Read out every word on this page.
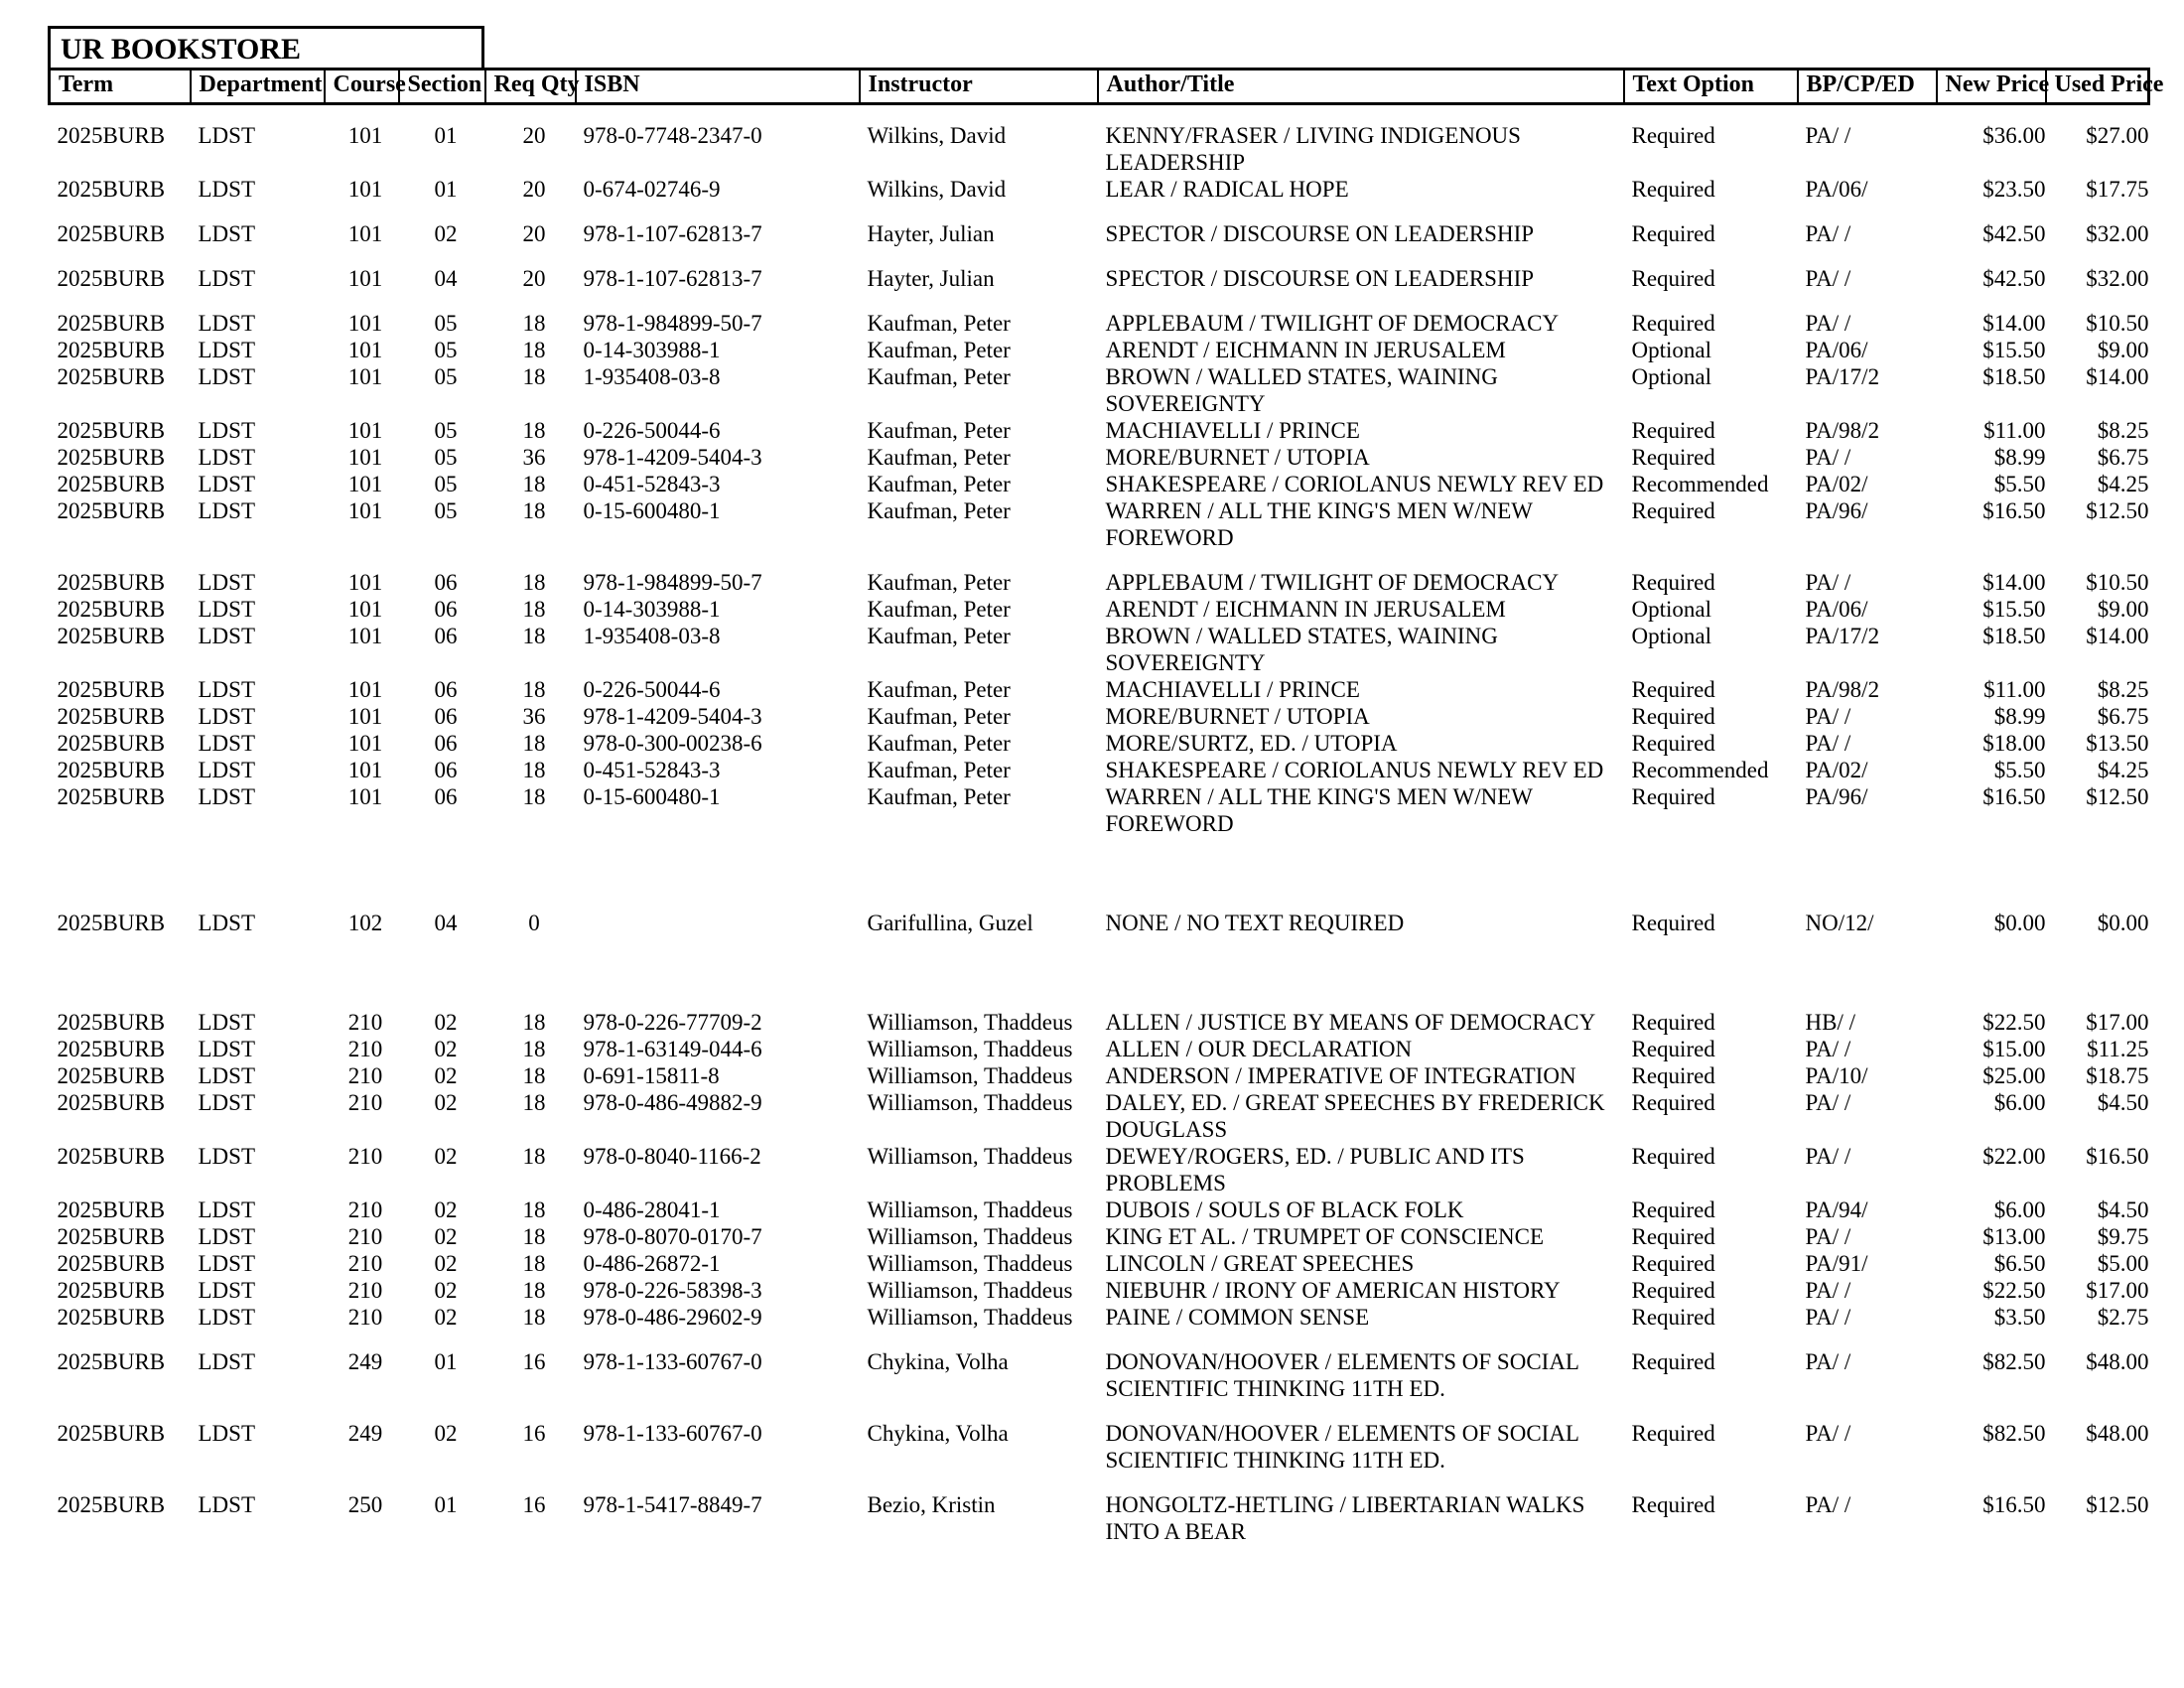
UR BOOKSTORE
Term	Department	Course	Section	Req Qty	ISBN	Instructor	Author/Title	Text Option	BP/CP/ED	New Price	Used Price

2025BURB	LDST	101	01	20	978-0-7748-2347-0	Wilkins, David	KENNY/FRASER / LIVING INDIGENOUS LEADERSHIP	Required	PA/ /	$36.00	$27.00
2025BURB	LDST	101	01	20	0-674-02746-9	Wilkins, David	LEAR / RADICAL HOPE	Required	PA/06/	$23.50	$17.75

2025BURB	LDST	101	02	20	978-1-107-62813-7	Hayter, Julian	SPECTOR / DISCOURSE ON LEADERSHIP	Required	PA/ /	$42.50	$32.00

2025BURB	LDST	101	04	20	978-1-107-62813-7	Hayter, Julian	SPECTOR / DISCOURSE ON LEADERSHIP	Required	PA/ /	$42.50	$32.00

2025BURB	LDST	101	05	18	978-1-984899-50-7	Kaufman, Peter	APPLEBAUM / TWILIGHT OF DEMOCRACY	Required	PA/ /	$14.00	$10.50
2025BURB	LDST	101	05	18	0-14-303988-1	Kaufman, Peter	ARENDT / EICHMANN IN JERUSALEM	Optional	PA/06/	$15.50	$9.00
2025BURB	LDST	101	05	18	1-935408-03-8	Kaufman, Peter	BROWN / WALLED STATES, WAINING SOVEREIGNTY	Optional	PA/17/2	$18.50	$14.00
2025BURB	LDST	101	05	18	0-226-50044-6	Kaufman, Peter	MACHIAVELLI / PRINCE	Required	PA/98/2	$11.00	$8.25
2025BURB	LDST	101	05	36	978-1-4209-5404-3	Kaufman, Peter	MORE/BURNET / UTOPIA	Required	PA/ /	$8.99	$6.75
2025BURB	LDST	101	05	18	0-451-52843-3	Kaufman, Peter	SHAKESPEARE / CORIOLANUS NEWLY REV ED	Recommended	PA/02/	$5.50	$4.25
2025BURB	LDST	101	05	18	0-15-600480-1	Kaufman, Peter	WARREN / ALL THE KING'S MEN W/NEW FOREWORD	Required	PA/96/	$16.50	$12.50

2025BURB	LDST	101	06	18	978-1-984899-50-7	Kaufman, Peter	APPLEBAUM / TWILIGHT OF DEMOCRACY	Required	PA/ /	$14.00	$10.50
2025BURB	LDST	101	06	18	0-14-303988-1	Kaufman, Peter	ARENDT / EICHMANN IN JERUSALEM	Optional	PA/06/	$15.50	$9.00
2025BURB	LDST	101	06	18	1-935408-03-8	Kaufman, Peter	BROWN / WALLED STATES, WAINING SOVEREIGNTY	Optional	PA/17/2	$18.50	$14.00
2025BURB	LDST	101	06	18	0-226-50044-6	Kaufman, Peter	MACHIAVELLI / PRINCE	Required	PA/98/2	$11.00	$8.25
2025BURB	LDST	101	06	36	978-1-4209-5404-3	Kaufman, Peter	MORE/BURNET / UTOPIA	Required	PA/ /	$8.99	$6.75
2025BURB	LDST	101	06	18	978-0-300-00238-6	Kaufman, Peter	MORE/SURTZ, ED. / UTOPIA	Required	PA/ /	$18.00	$13.50
2025BURB	LDST	101	06	18	0-451-52843-3	Kaufman, Peter	SHAKESPEARE / CORIOLANUS NEWLY REV ED	Recommended	PA/02/	$5.50	$4.25
2025BURB	LDST	101	06	18	0-15-600480-1	Kaufman, Peter	WARREN / ALL THE KING'S MEN W/NEW FOREWORD	Required	PA/96/	$16.50	$12.50

2025BURB	LDST	102	04	0		Garifullina, Guzel	NONE / NO TEXT REQUIRED	Required	NO/12/	$0.00	$0.00

2025BURB	LDST	210	02	18	978-0-226-77709-2	Williamson, Thaddeus	ALLEN / JUSTICE BY MEANS OF DEMOCRACY	Required	HB/ /	$22.50	$17.00
2025BURB	LDST	210	02	18	978-1-63149-044-6	Williamson, Thaddeus	ALLEN / OUR DECLARATION	Required	PA/ /	$15.00	$11.25
2025BURB	LDST	210	02	18	0-691-15811-8	Williamson, Thaddeus	ANDERSON / IMPERATIVE OF INTEGRATION	Required	PA/10/	$25.00	$18.75
2025BURB	LDST	210	02	18	978-0-486-49882-9	Williamson, Thaddeus	DALEY, ED. / GREAT SPEECHES BY FREDERICK DOUGLASS	Required	PA/ /	$6.00	$4.50
2025BURB	LDST	210	02	18	978-0-8040-1166-2	Williamson, Thaddeus	DEWEY/ROGERS, ED. / PUBLIC AND ITS PROBLEMS	Required	PA/ /	$22.00	$16.50
2025BURB	LDST	210	02	18	0-486-28041-1	Williamson, Thaddeus	DUBOIS / SOULS OF BLACK FOLK	Required	PA/94/	$6.00	$4.50
2025BURB	LDST	210	02	18	978-0-8070-0170-7	Williamson, Thaddeus	KING ET AL. / TRUMPET OF CONSCIENCE	Required	PA/ /	$13.00	$9.75
2025BURB	LDST	210	02	18	0-486-26872-1	Williamson, Thaddeus	LINCOLN / GREAT SPEECHES	Required	PA/91/	$6.50	$5.00
2025BURB	LDST	210	02	18	978-0-226-58398-3	Williamson, Thaddeus	NIEBUHR / IRONY OF AMERICAN HISTORY	Required	PA/ /	$22.50	$17.00
2025BURB	LDST	210	02	18	978-0-486-29602-9	Williamson, Thaddeus	PAINE / COMMON SENSE	Required	PA/ /	$3.50	$2.75

2025BURB	LDST	249	01	16	978-1-133-60767-0	Chykina, Volha	DONOVAN/HOOVER / ELEMENTS OF SOCIAL SCIENTIFIC THINKING 11TH ED.	Required	PA/ /	$82.50	$48.00

2025BURB	LDST	249	02	16	978-1-133-60767-0	Chykina, Volha	DONOVAN/HOOVER / ELEMENTS OF SOCIAL SCIENTIFIC THINKING 11TH ED.	Required	PA/ /	$82.50	$48.00

2025BURB	LDST	250	01	16	978-1-5417-8849-7	Bezio, Kristin	HONGOLTZ-HETLING / LIBERTARIAN WALKS INTO A BEAR	Required	PA/ /	$16.50	$12.50
